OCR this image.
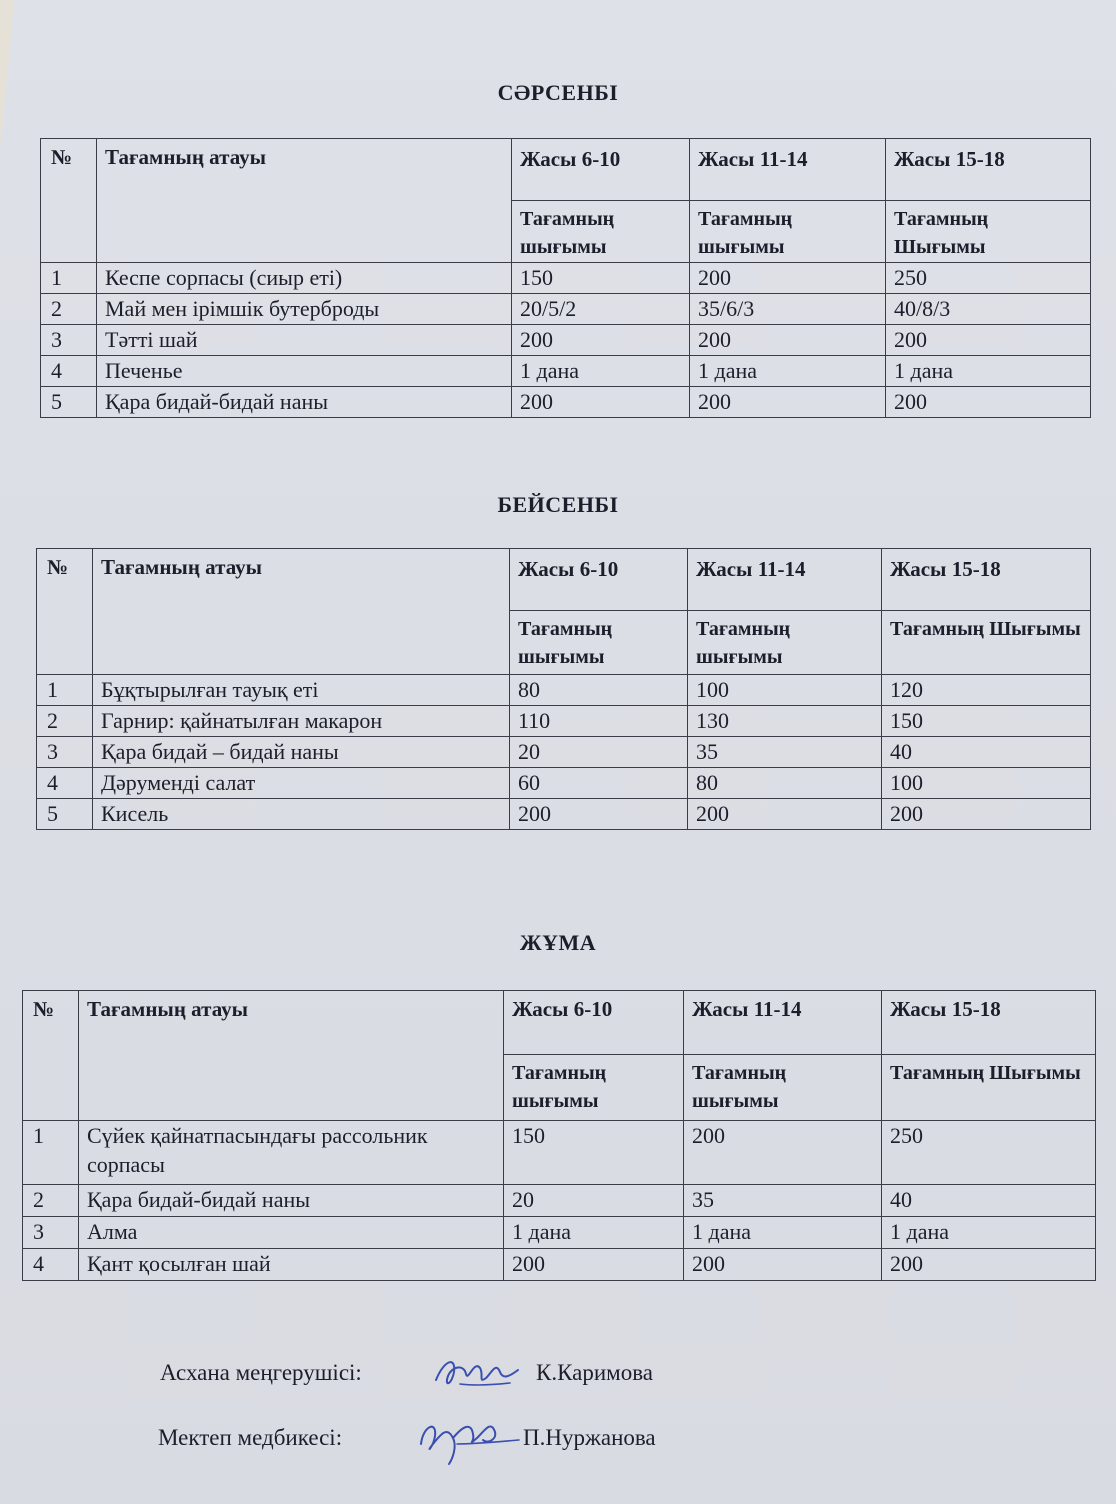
СӘРСЕНБІ
№	Тағамның атауы	Жасы 6-10	Жасы 11-14	Жасы 15-18
		Тағамның шығымы	Тағамның шығымы	Тағамның Шығымы
1	Кеспе сорпасы (сиыр еті)	150	200	250
2	Май мен ірімшік бутерброды	20/5/2	35/6/3	40/8/3
3	Тәтті шай	200	200	200
4	Печенье	1 дана	1 дана	1 дана
5	Қара бидай-бидай наны	200	200	200
БЕЙСЕНБІ
№	Тағамның атауы	Жасы 6-10	Жасы 11-14	Жасы 15-18
		Тағамның шығымы	Тағамның шығымы	Тағамның Шығымы
1	Бұқтырылған тауық еті	80	100	120
2	Гарнир: қайнатылған макарон	110	130	150
3	Қара бидай – бидай наны	20	35	40
4	Дәруменді салат	60	80	100
5	Кисель	200	200	200
ЖҰМА
№	Тағамның атауы	Жасы 6-10	Жасы 11-14	Жасы 15-18
		Тағамның шығымы	Тағамның шығымы	Тағамның Шығымы
1	Сүйек қайнатпасындағы рассольник сорпасы	150	200	250
2	Қара бидай-бидай наны	20	35	40
3	Алма	1 дана	1 дана	1 дана
4	Қант қосылған шай	200	200	200
Асхана меңгерушісі:	К.Каримова
Мектеп медбикесі:	П.Нуржанова
